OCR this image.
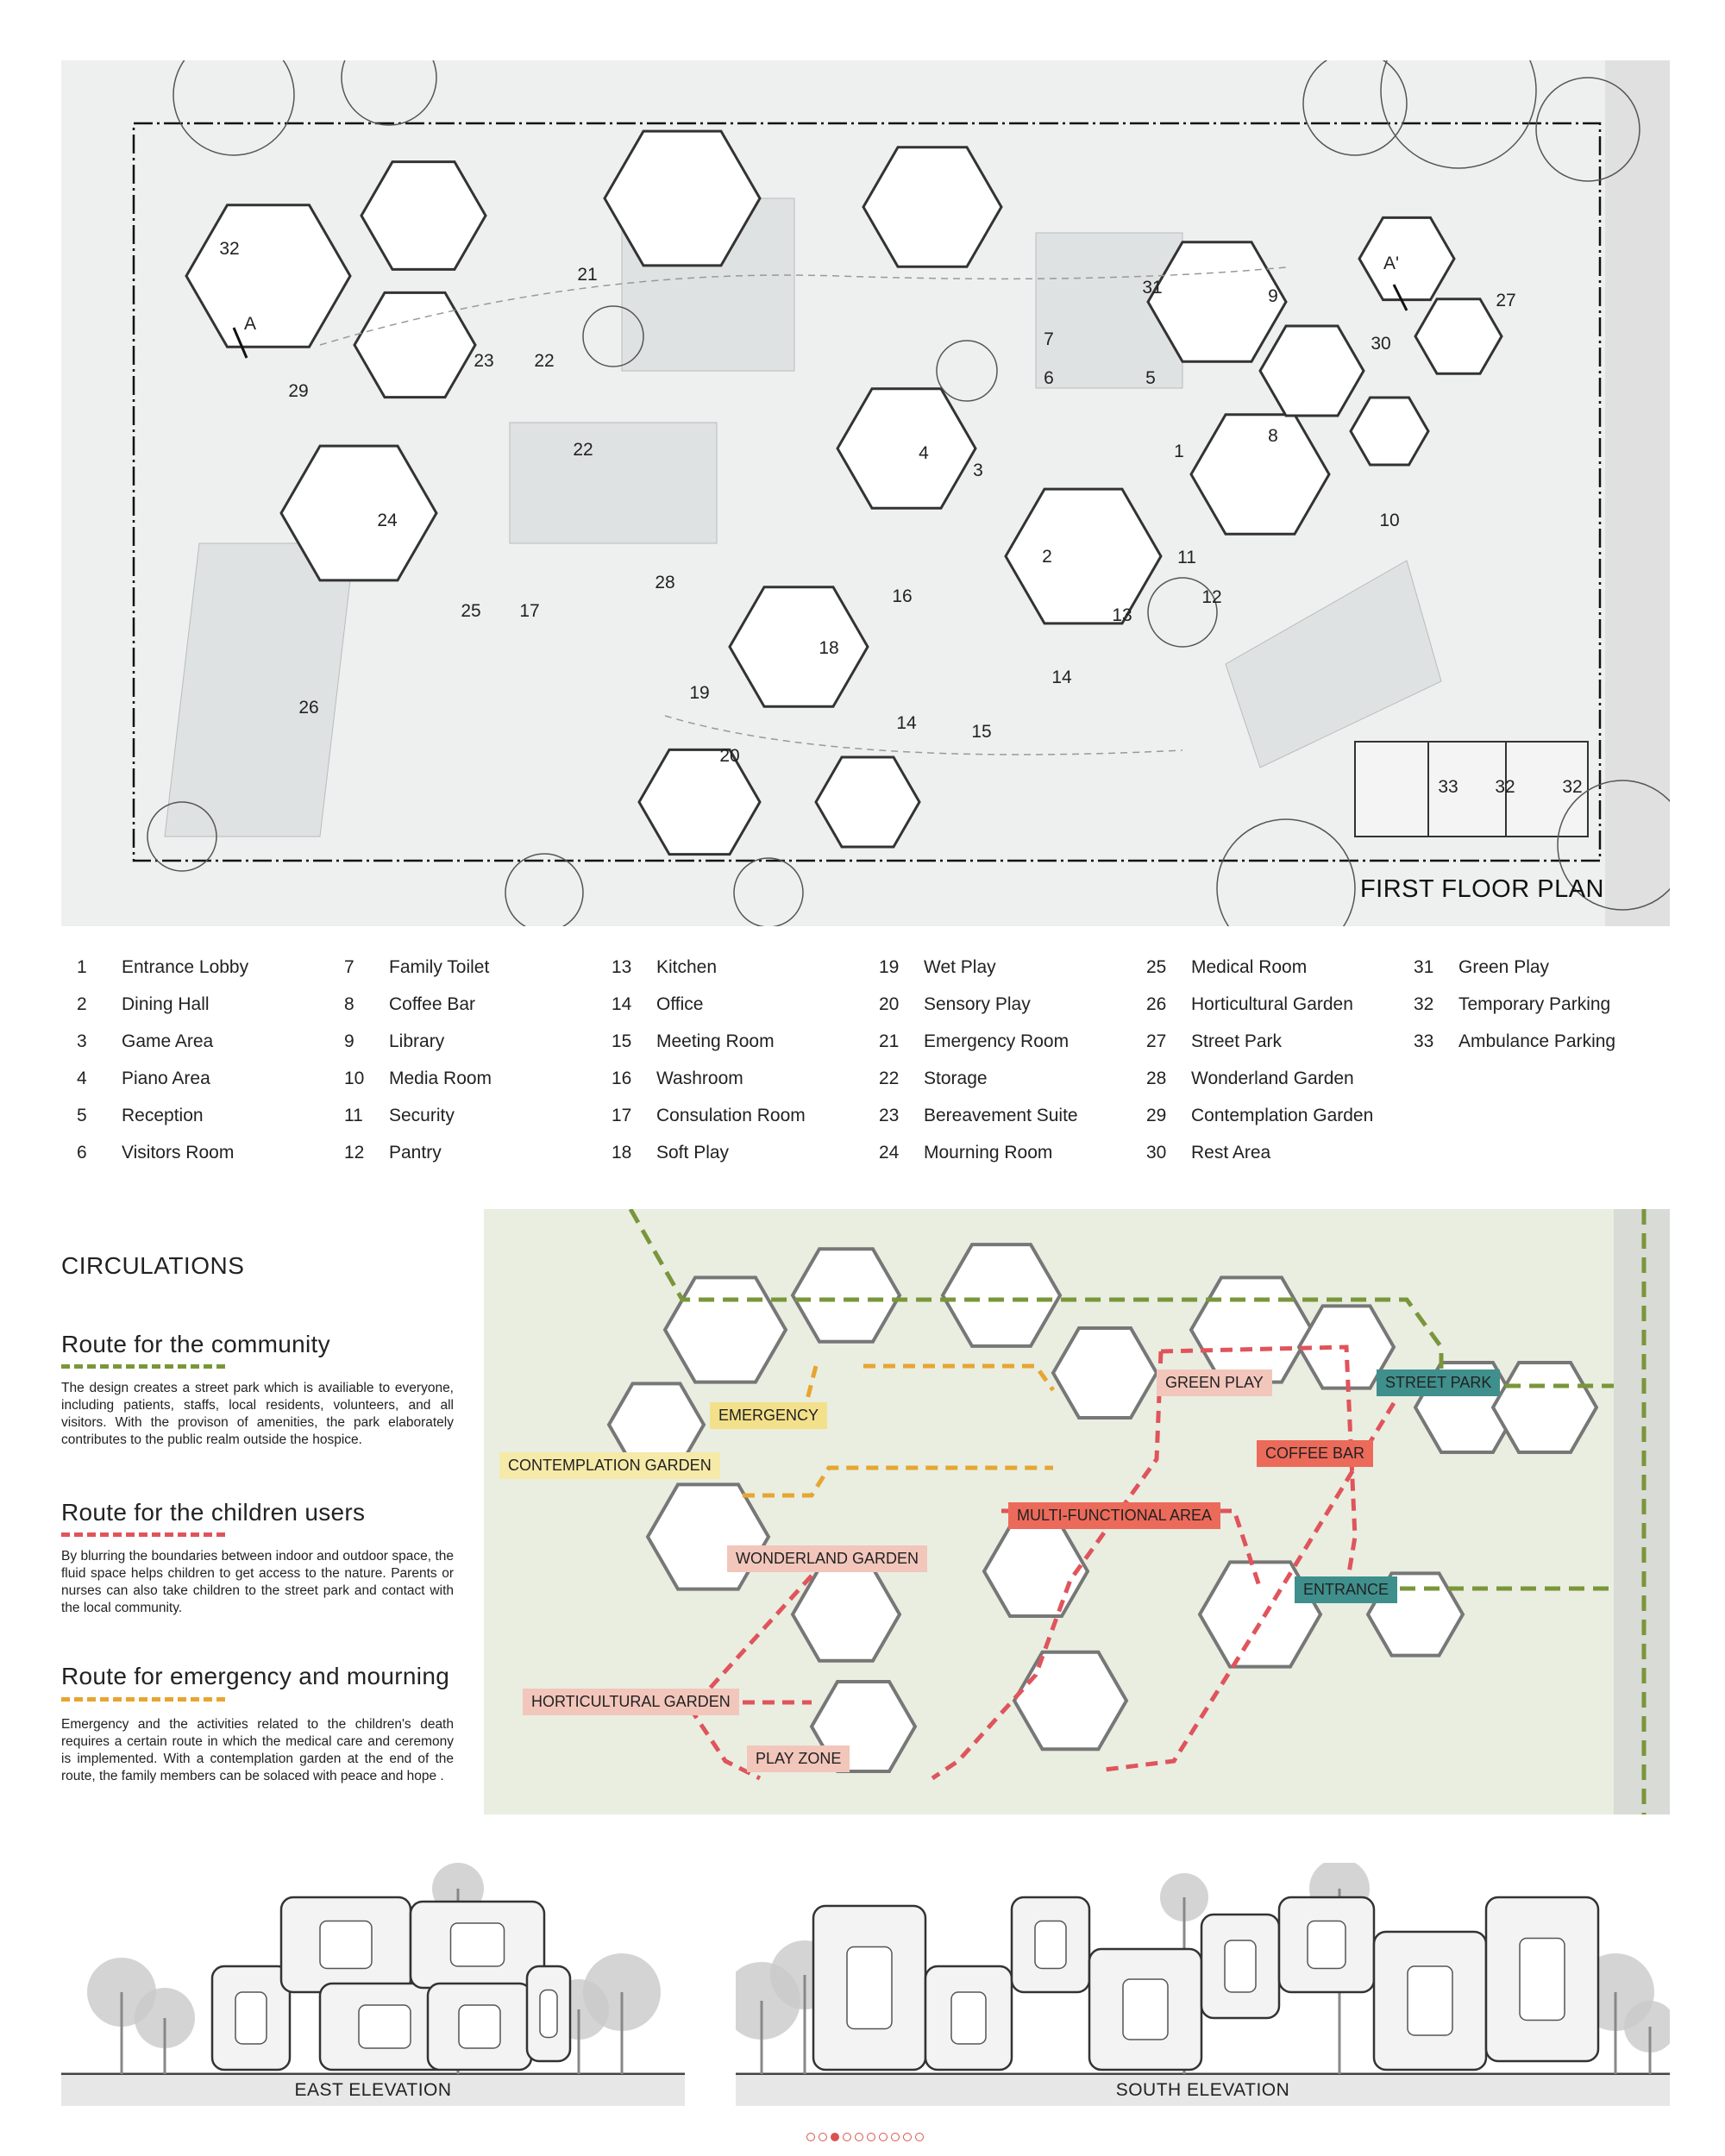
A
A'
32
21
31	9	27
7
6	5
23 22
29
30
22	4
3
1
8
24	10
2	11
16
28
25 17
12
13
18
14
19
26
14	15
20
33 32	32
FIRST FLOOR PLAN
1	Entrance Lobby
2	Dining Hall
3	Game Area
4	Piano Area
5	Reception
6	Visitors Room
7	Family Toilet
8	Coffee Bar
9	Library
10	Media Room
11	Security
12	Pantry
13	Kitchen
14	Office
15	Meeting Room
16	Washroom
17	Consulation Room
18	Soft Play
19	Wet Play
20	Sensory Play
21	Emergency Room
22	Storage
23	Bereavement Suite
24	Mourning Room
25	Medical Room
26	Horticultural Garden
27	Street Park
28	Wonderland Garden
29	Contemplation Garden
30	Rest Area
31	Green Play
32	Temporary Parking
33	Ambulance Parking
CIRCULATIONS
Route for the community
The design creates a street park which is availiable to everyone, including patients, staffs, local residents, volunteers, and all visitors. With the provison of amenities, the park elaborately contributes to the public realm outside the hospice.
Route for the children users
By blurring the boundaries between indoor and outdoor space, the fluid space helps children to get access to the nature. Parents or nurses can also take children to the street park and contact with the local community.
Route for emergency and mourning
Emergency and the activities related to the children's death requires a certain route in which the medical care and ceremony is implemented. With a contemplation garden at the end of the route, the family members can be solaced with peace and hope .
GREEN PLAY	STREET PARK
EMERGENCY
COFFEE BAR
CONTEMPLATION GARDEN
MULTI-FUNCTIONAL AREA
WONDERLAND GARDEN
ENTRANCE
HORTICULTURAL GARDEN
PLAY ZONE
EAST ELEVATION	SOUTH ELEVATION
